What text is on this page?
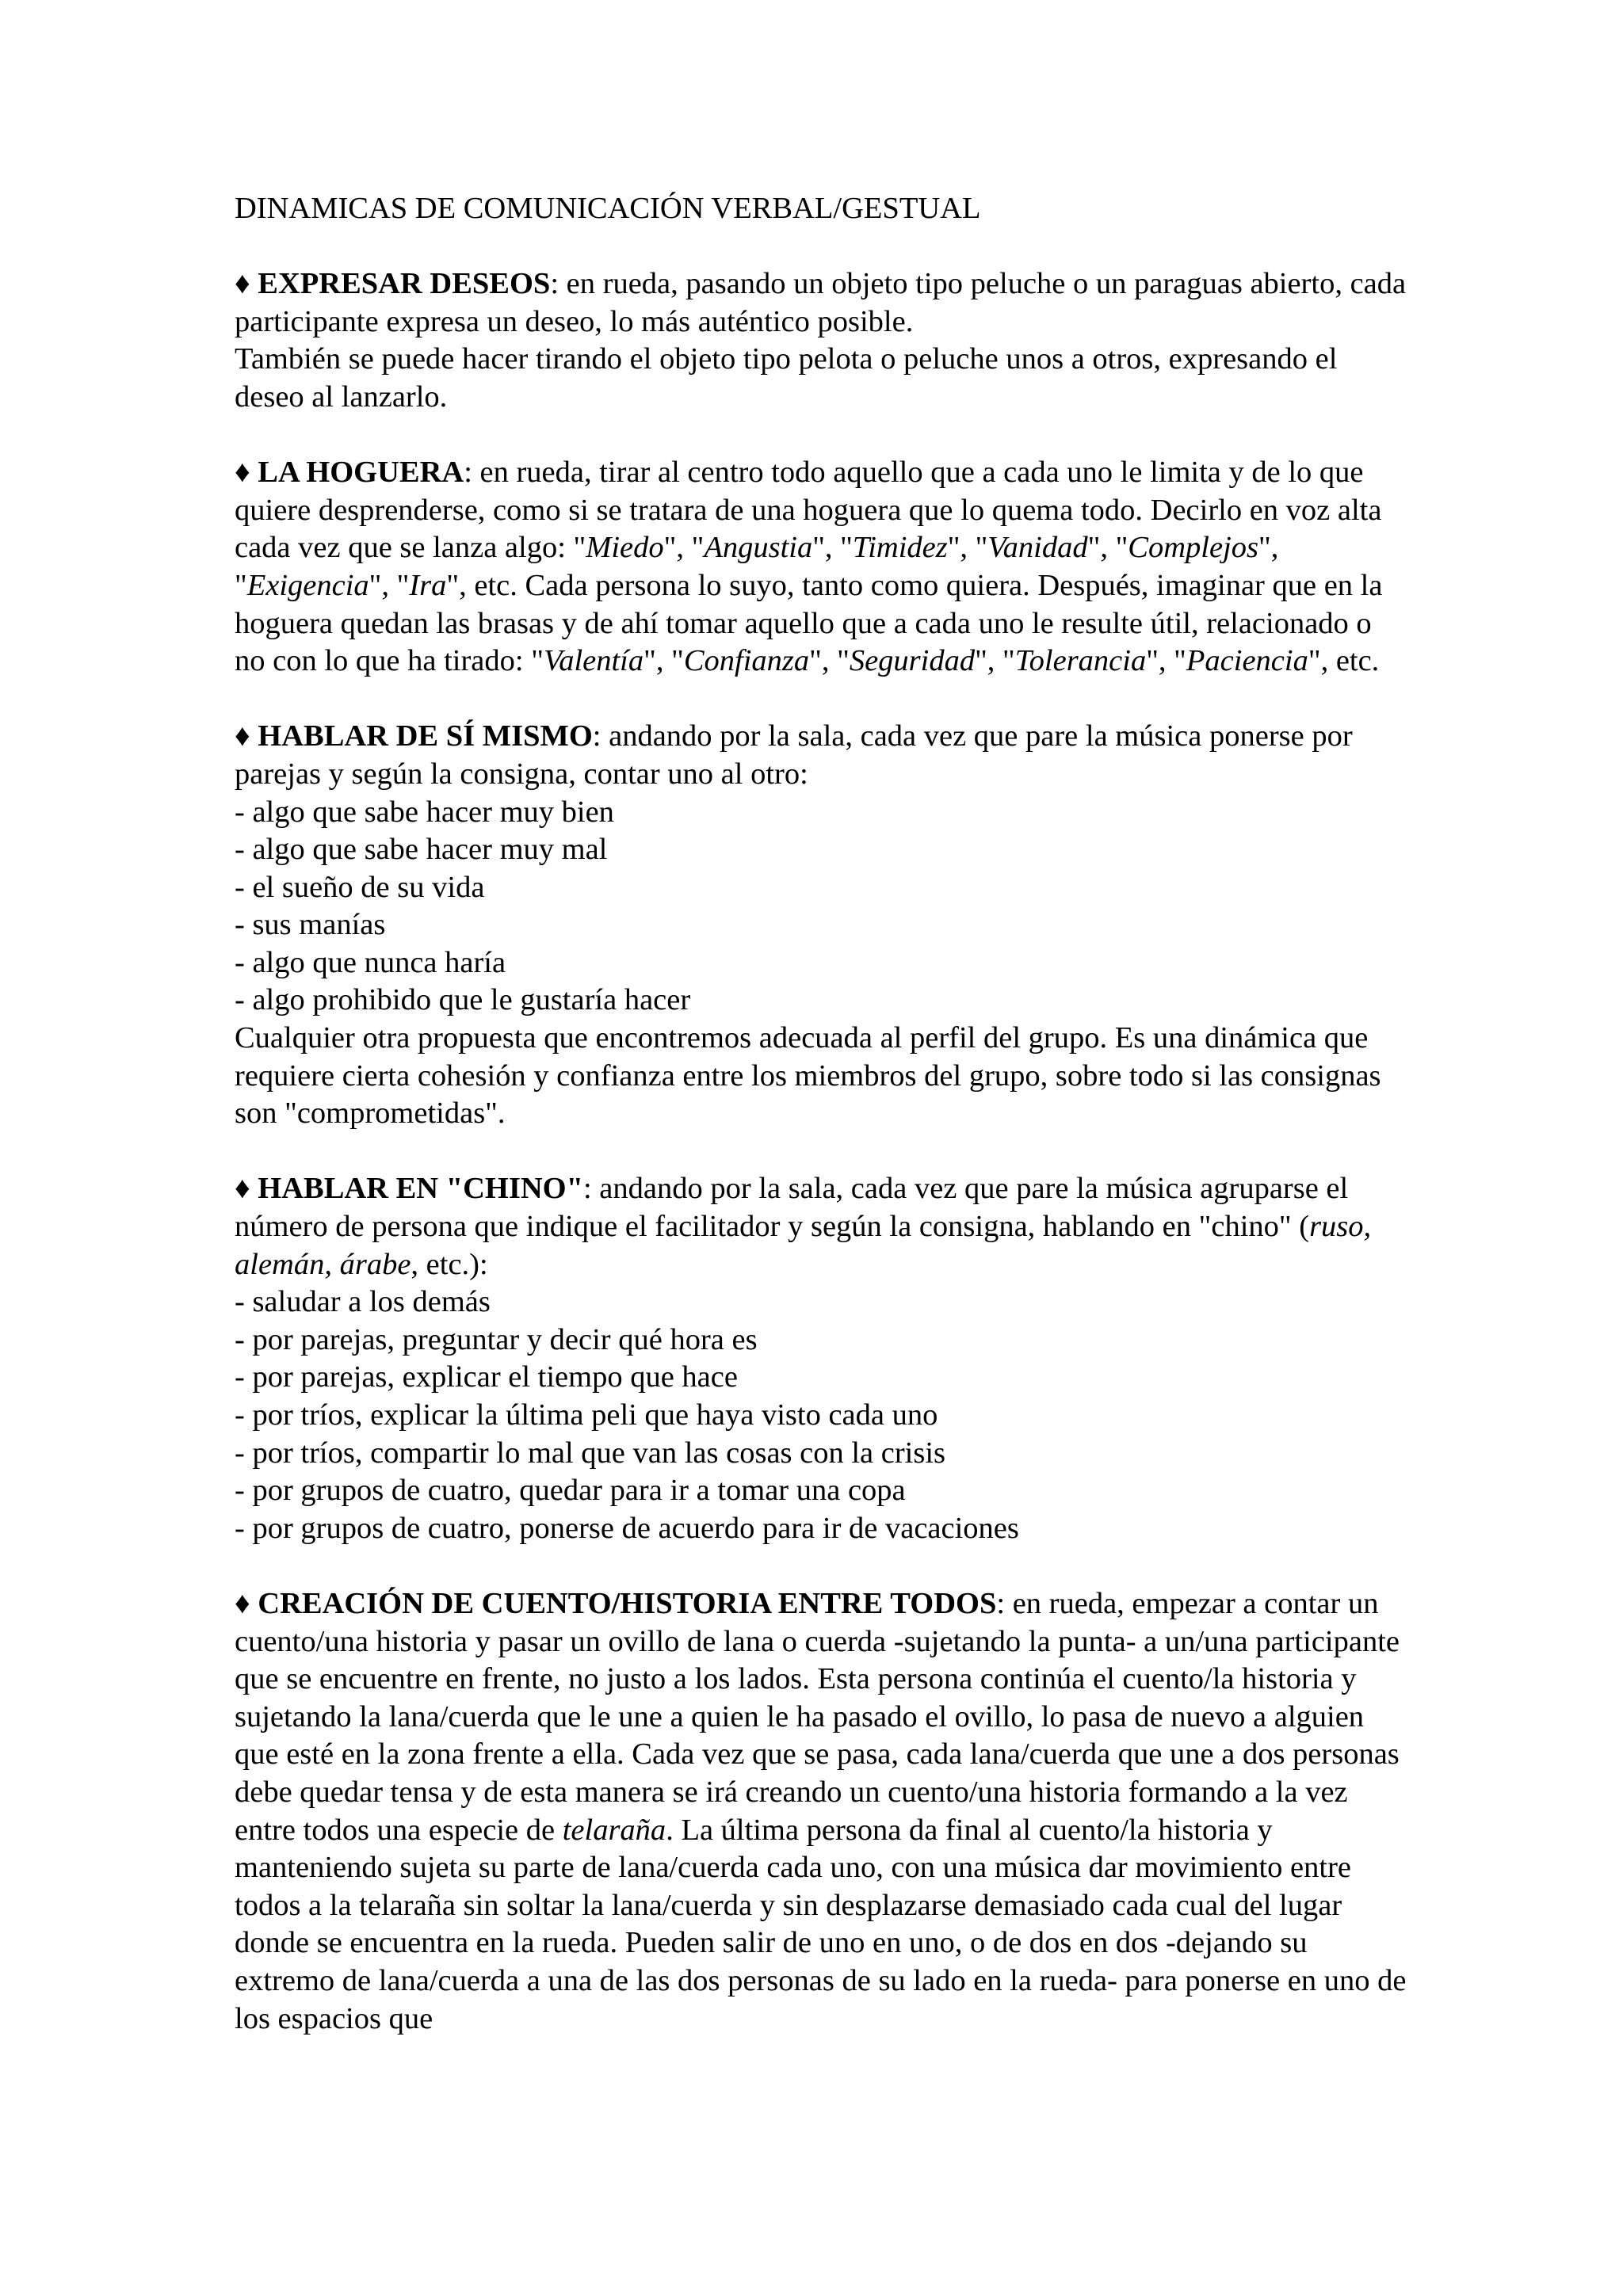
DINAMICAS DE COMUNICACIÓN VERBAL/GESTUAL

♦ EXPRESAR DESEOS: en rueda, pasando un objeto tipo peluche o un paraguas abierto, cada participante expresa un deseo, lo más auténtico posible.

También se puede hacer tirando el objeto tipo pelota o peluche unos a otros, expresando el deseo al lanzarlo.

♦ LA HOGUERA: en rueda, tirar al centro todo aquello que a cada uno le limita y de lo que quiere desprenderse, como si se tratara de una hoguera que lo quema todo. Decirlo en voz alta cada vez que se lanza algo: "Miedo", "Angustia", "Timidez", "Vanidad", "Complejos", "Exigencia", "Ira", etc. Cada persona lo suyo, tanto como quiera. Después, imaginar que en la hoguera quedan las brasas y de ahí tomar aquello que a cada uno le resulte útil, relacionado o no con lo que ha tirado: "Valentía", "Confianza", "Seguridad", "Tolerancia", "Paciencia", etc.

♦ HABLAR DE SÍ MISMO: andando por la sala, cada vez que pare la música ponerse por parejas y según la consigna, contar uno al otro:

- algo que sabe hacer muy bien
- algo que sabe hacer muy mal
- el sueño de su vida
- sus manías
- algo que nunca haría
- algo prohibido que le gustaría hacer

Cualquier otra propuesta que encontremos adecuada al perfil del grupo. Es una dinámica que requiere cierta cohesión y confianza entre los miembros del grupo, sobre todo si las consignas son "comprometidas".

♦ HABLAR EN "CHINO": andando por la sala, cada vez que pare la música agruparse el número de persona que indique el facilitador y según la consigna, hablando en "chino" (ruso, alemán, árabe, etc.):

- saludar a los demás
- por parejas, preguntar y decir qué hora es
- por parejas, explicar el tiempo que hace
- por tríos, explicar la última peli que haya visto cada uno
- por tríos, compartir lo mal que van las cosas con la crisis
- por grupos de cuatro, quedar para ir a tomar una copa
- por grupos de cuatro, ponerse de acuerdo para ir de vacaciones

♦ CREACIÓN DE CUENTO/HISTORIA ENTRE TODOS: en rueda, empezar a contar un cuento/una historia y pasar un ovillo de lana o cuerda -sujetando la punta- a un/una participante que se encuentre en frente, no justo a los lados. Esta persona continúa el cuento/la historia y sujetando la lana/cuerda que le une a quien le ha pasado el ovillo, lo pasa de nuevo a alguien que esté en la zona frente a ella. Cada vez que se pasa, cada lana/cuerda que une a dos personas debe quedar tensa y de esta manera se irá creando un cuento/una historia formando a la vez entre todos una especie de telaraña. La última persona da final al cuento/la historia y manteniendo sujeta su parte de lana/cuerda cada uno, con una música dar movimiento entre todos a la telaraña sin soltar la lana/cuerda y sin desplazarse demasiado cada cual del lugar donde se encuentra en la rueda. Pueden salir de uno en uno, o de dos en dos -dejando su extremo de lana/cuerda a una de las dos personas de su lado en la rueda- para ponerse en uno de los espacios que
